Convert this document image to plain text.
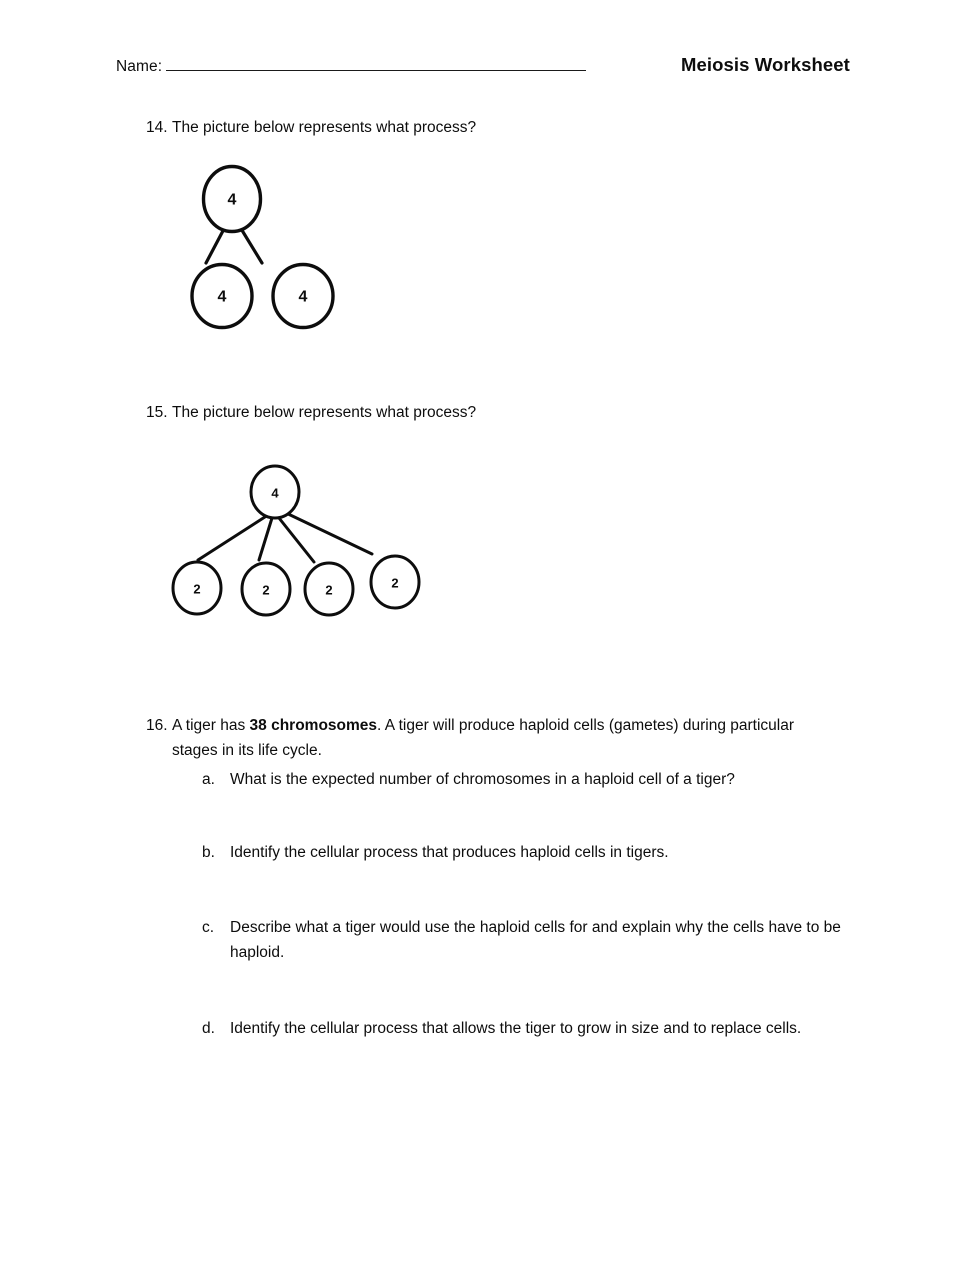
Name:	Meiosis Worksheet
14. The picture below represents what process?
4
4	4
15. The picture below represents what process?
4
2	2	2	2
16. A tiger has 38 chromosomes. A tiger will produce haploid cells (gametes) during particular stages in its life cycle.
a. What is the expected number of chromosomes in a haploid cell of a tiger?
b. Identify the cellular process that produces haploid cells in tigers.
c.	Describe what a tiger would use the haploid cells for and explain why the cells have to be haploid.
d. Identify the cellular process that allows the tiger to grow in size and to replace cells.
